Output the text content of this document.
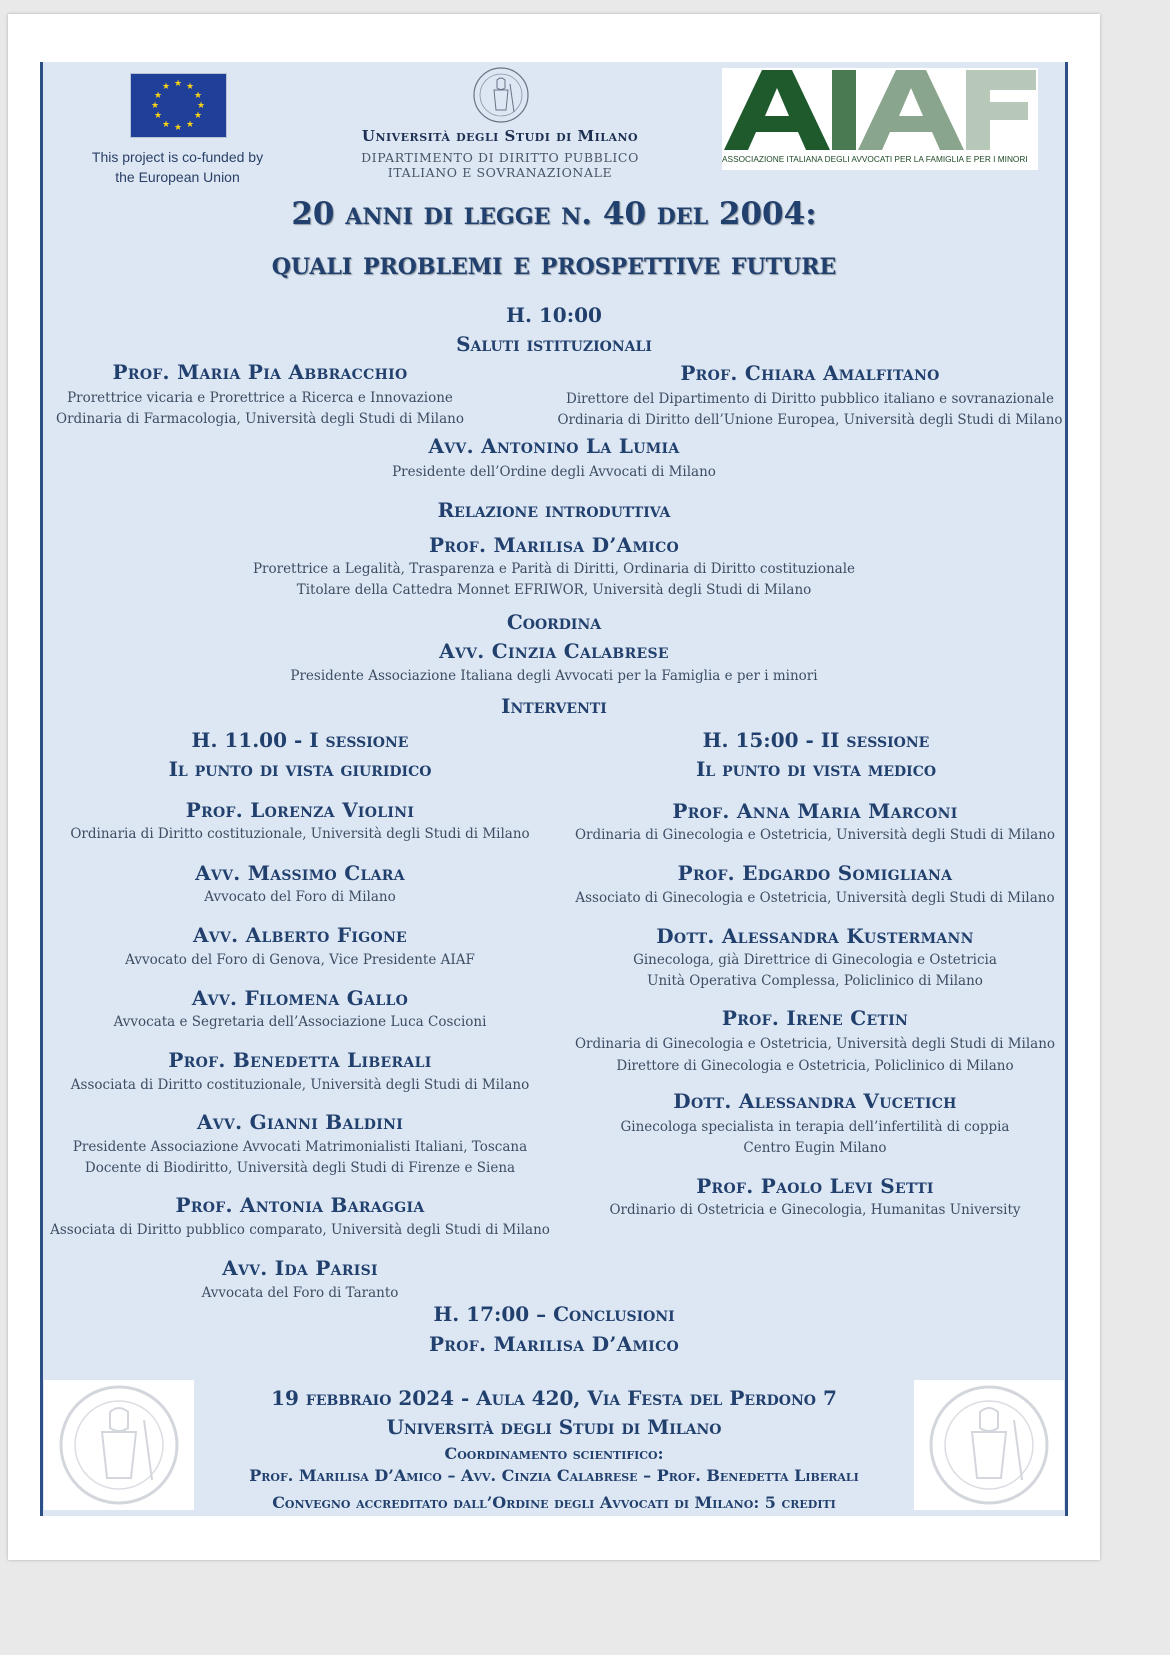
★ ★
★
★
★
★
★
★
★
★
★
★
This project is co-funded by
the European Union
Università degli Studi di Milano
DIPARTIMENTO DI DIRITTO PUBBLICO
ITALIANO E SOVRANAZIONALE
ASSOCIAZIONE ITALIANA DEGLI AVVOCATI PER LA FAMIGLIA E PER I MINORI
20 anni di legge n. 40 del 2004:
quali problemi e prospettive future
H. 10:00
Saluti istituzionali
Prof. Maria Pia Abbracchio
Prorettrice vicaria e Prorettrice a Ricerca e Innovazione
Ordinaria di Farmacologia, Università degli Studi di Milano
Prof. Chiara Amalfitano
Direttore del Dipartimento di Diritto pubblico italiano e sovranazionale
Ordinaria di Diritto dell’Unione Europea, Università degli Studi di Milano
Avv. Antonino La Lumia
Presidente dell’Ordine degli Avvocati di Milano
Relazione introduttiva
Prof. Marilisa D’Amico
Prorettrice a Legalità, Trasparenza e Parità di Diritti, Ordinaria di Diritto costituzionale
Titolare della Cattedra Monnet EFRIWOR, Università degli Studi di Milano
Coordina
Avv. Cinzia Calabrese
Presidente Associazione Italiana degli Avvocati per la Famiglia e per i minori
Interventi
H. 11.00 - I sessione
Il punto di vista giuridico
H. 15:00 - II sessione
Il punto di vista medico
Prof. Lorenza Violini
Ordinaria di Diritto costituzionale, Università degli Studi di Milano
Avv. Massimo Clara
Avvocato del Foro di Milano
Avv. Alberto Figone
Avvocato del Foro di Genova, Vice Presidente AIAF
Avv. Filomena Gallo
Avvocata e Segretaria dell’Associazione Luca Coscioni
Prof. Benedetta Liberali
Associata di Diritto costituzionale, Università degli Studi di Milano
Avv. Gianni Baldini
Presidente Associazione Avvocati Matrimonialisti Italiani, Toscana
Docente di Biodiritto, Università degli Studi di Firenze e Siena
Prof. Antonia Baraggia
Associata di Diritto pubblico comparato, Università degli Studi di Milano
Avv. Ida Parisi
Avvocata del Foro di Taranto
Prof. Anna Maria Marconi
Ordinaria di Ginecologia e Ostetricia, Università degli Studi di Milano
Prof. Edgardo Somigliana
Associato di Ginecologia e Ostetricia, Università degli Studi di Milano
Dott. Alessandra Kustermann
Ginecologa, già Direttrice di Ginecologia e Ostetricia
Unità Operativa Complessa, Policlinico di Milano
Prof. Irene Cetin
Ordinaria di Ginecologia e Ostetricia, Università degli Studi di Milano
Direttore di Ginecologia e Ostetricia, Policlinico di Milano
Dott. Alessandra Vucetich
Ginecologa specialista in terapia dell’infertilità di coppia
Centro Eugin Milano
Prof. Paolo Levi Setti
Ordinario di Ostetricia e Ginecologia, Humanitas University
H. 17:00 – Conclusioni
Prof. Marilisa D’Amico
19 febbraio 2024 - Aula 420, Via Festa del Perdono 7
Università degli Studi di Milano
Coordinamento scientifico:
Prof. Marilisa D’Amico – Avv. Cinzia Calabrese – Prof. Benedetta Liberali
Convegno accreditato dall’Ordine degli Avvocati di Milano: 5 crediti
